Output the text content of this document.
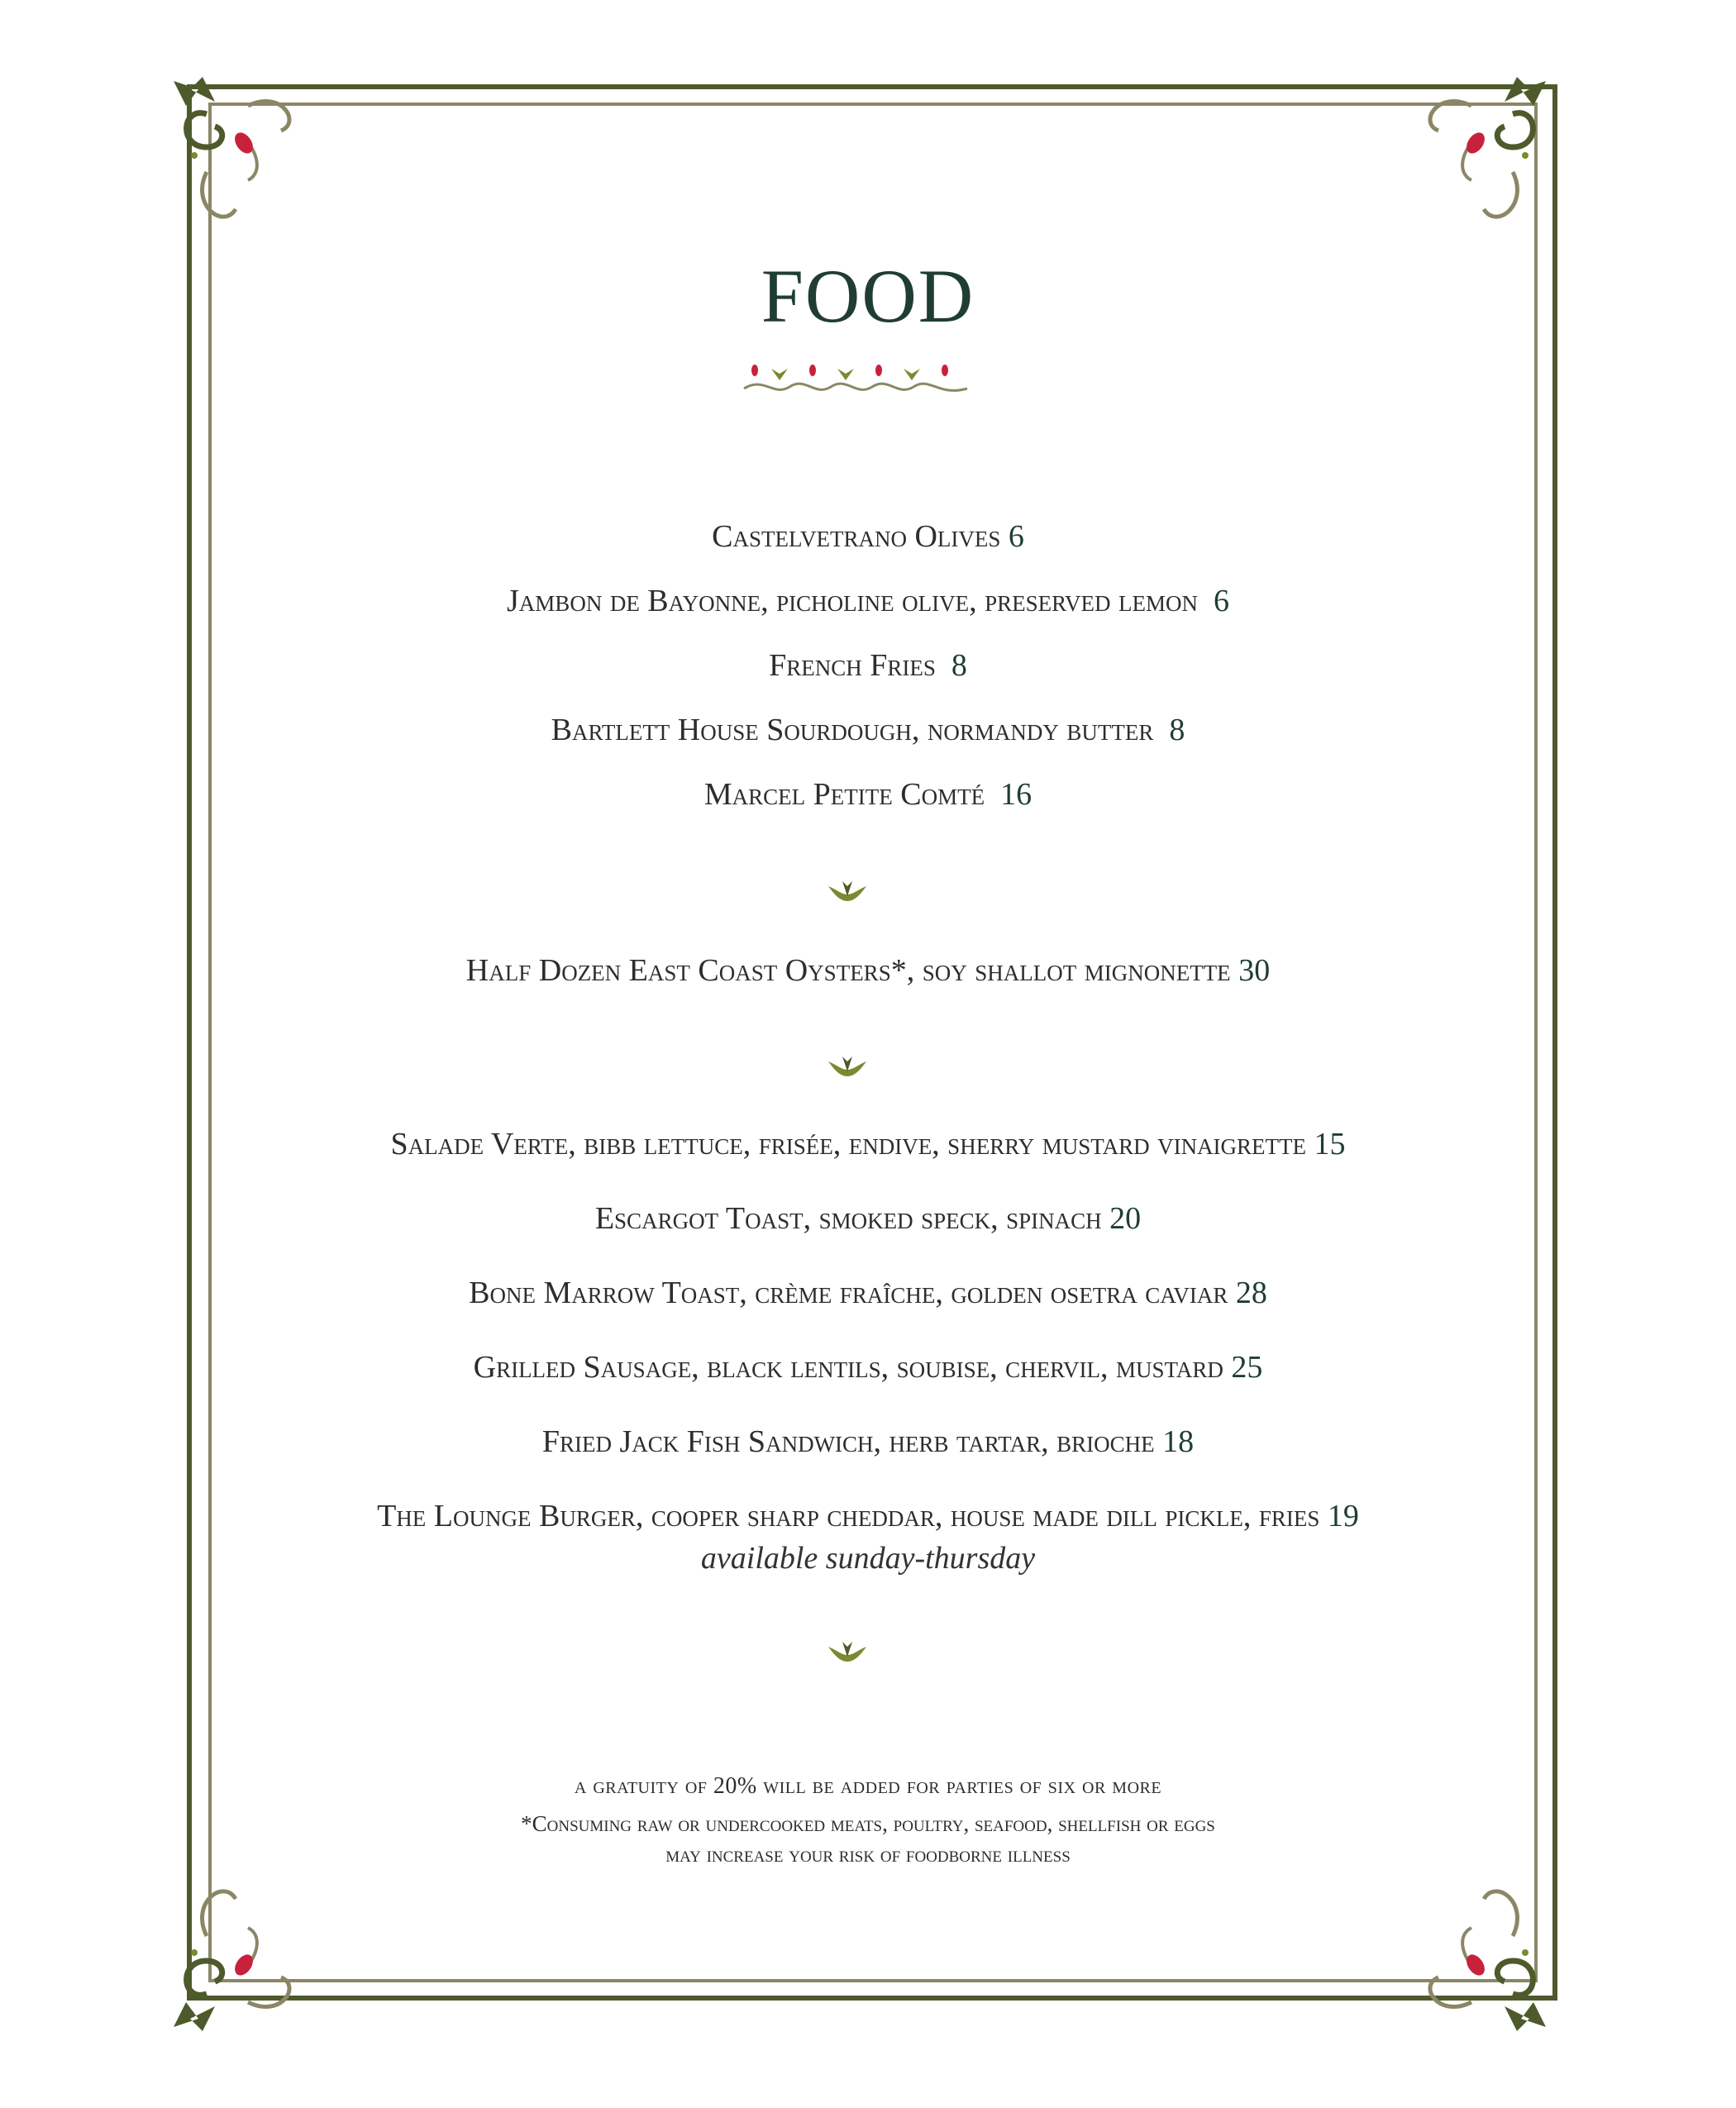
FOOD

Castelvetrano Olives 6

Jambon de Bayonne, picholine olive, preserved lemon 6

French Fries 8

Bartlett House Sourdough, normandy butter 8

Marcel Petite Comté 16

Half Dozen East Coast Oysters*, soy shallot mignonette 30

Salade Verte, bibb lettuce, frisée, endive, sherry mustard vinaigrette 15

Escargot Toast, smoked speck, spinach 20

Bone Marrow Toast, crème fraîche, golden osetra caviar 28

Grilled Sausage, black lentils, soubise, chervil, mustard 25

Fried Jack Fish Sandwich, herb tartar, brioche 18

The Lounge Burger, cooper sharp cheddar, house made dill pickle, fries 19

available sunday-thursday
a gratuity of 20% will be added for parties of six or more
*Consuming raw or undercooked meats, poultry, seafood, shellfish or eggs
may increase your risk of foodborne illness
